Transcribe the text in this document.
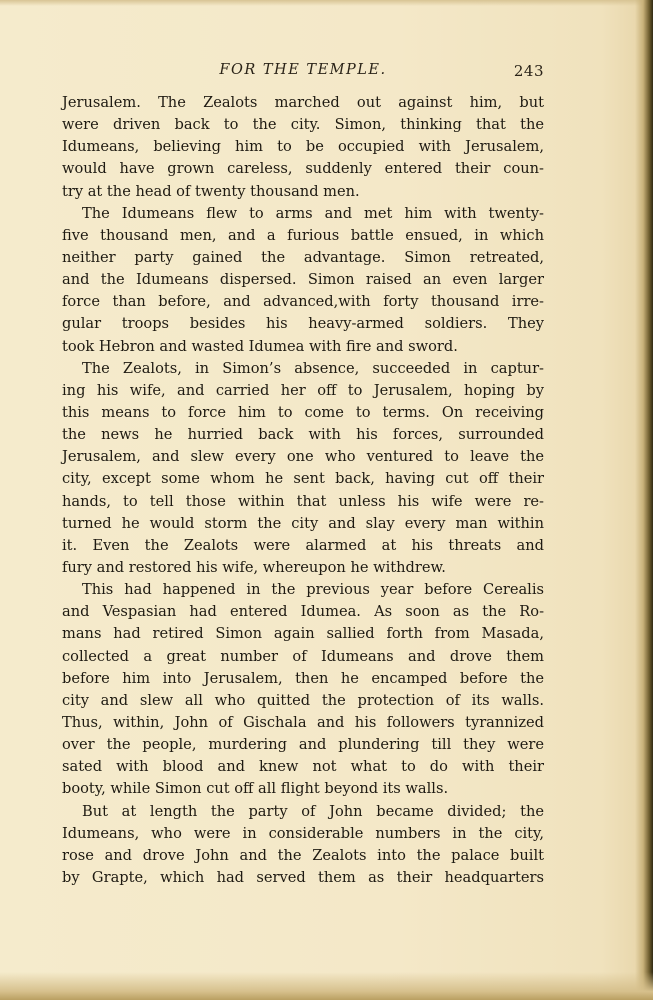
FOR THE TEMPLE.	243
Jerusalem. The Zealots marched out against him, but
were driven back to the city. Simon, thinking that the
Idumeans, believing him to be occupied with Jerusalem,
would have grown careless, suddenly entered their coun-
try at the head of twenty thousand men.
The Idumeans flew to arms and met him with twenty-
five thousand men, and a furious battle ensued, in which
neither party gained the advantage. Simon retreated,
and the Idumeans dispersed. Simon raised an even larger
force than before, and advanced,with forty thousand irre-
gular troops besides his heavy-armed soldiers. They
took Hebron and wasted Idumea with fire and sword.
The Zealots, in Simon’s absence, succeeded in captur-
ing his wife, and carried her off to Jerusalem, hoping by
this means to force him to come to terms. On receiving
the news he hurried back with his forces, surrounded
Jerusalem, and slew every one who ventured to leave the
city, except some whom he sent back, having cut off their
hands, to tell those within that unless his wife were re-
turned he would storm the city and slay every man within
it. Even the Zealots were alarmed at his threats and
fury and restored his wife, whereupon he withdrew.
This had happened in the previous year before Cerealis
and Vespasian had entered Idumea. As soon as the Ro-
mans had retired Simon again sallied forth from Masada,
collected a great number of Idumeans and drove them
before him into Jerusalem, then he encamped before the
city and slew all who quitted the protection of its walls.
Thus, within, John of Gischala and his followers tyrannized
over the people, murdering and plundering till they were
sated with blood and knew not what to do with their
booty, while Simon cut off all flight beyond its walls.
But at length the party of John became divided; the
Idumeans, who were in considerable numbers in the city,
rose and drove John and the Zealots into the palace built
by Grapte, which had served them as their headquarters
